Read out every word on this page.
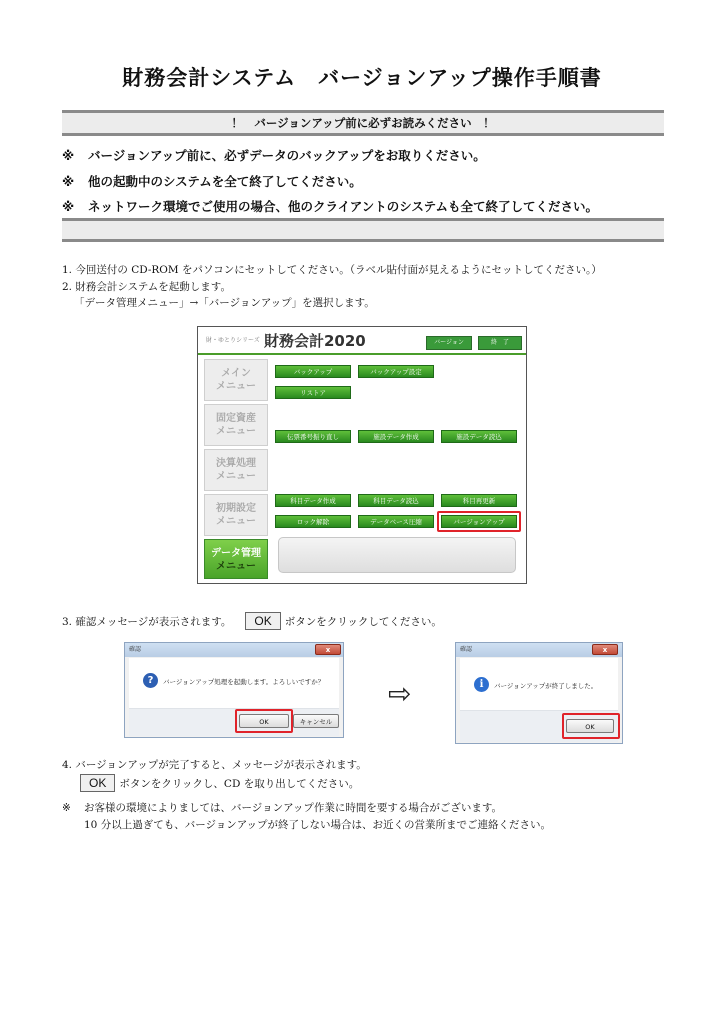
財務会計システム　バージョンアップ操作手順書
！　バージョンアップ前に必ずお読みください　！
※ バージョンアップ前に、必ずデータのバックアップをお取りください。
※ 他の起動中のシステムを全て終了してください。
※ ネットワーク環境でご使用の場合、他のクライアントのシステムも全て終了してください。
1. 今回送付の CD-ROM をパソコンにセットしてください。（ラベル貼付面が見えるようにセットしてください。）
2. 財務会計システムを起動します。
「データ管理メニュー」→「バージョンアップ」を選択します。
財・ゆとりシリーズ 財務会計2020	バージョン	終　了
メイン
メニュー
固定資産
メニュー
決算処理
メニュー
初期設定
メニュー
データ管理
メニュー
バックアップ	バックアップ設定
リストア
伝票番号振り直し	施設データ作成	施設データ読込
科目データ作成	科目データ読込	科目再更新
ロック解除	データベース圧縮	バージョンアップ
3. 確認メッセージが表示されます。 OK ボタンをクリックしてください。
確認	x
?	バージョンアップ処理を起動します。よろしいですか？
OK	キャンセル
⇨
確認	x
i	バージョンアップが終了しました。
OK
4. バージョンアップが完了すると、メッセージが表示されます。
OK ボタンをクリックし、CD を取り出してください。
※ お客様の環境によりましては、バージョンアップ作業に時間を要する場合がございます。
10 分以上過ぎても、バージョンアップが終了しない場合は、お近くの営業所までご連絡ください。
